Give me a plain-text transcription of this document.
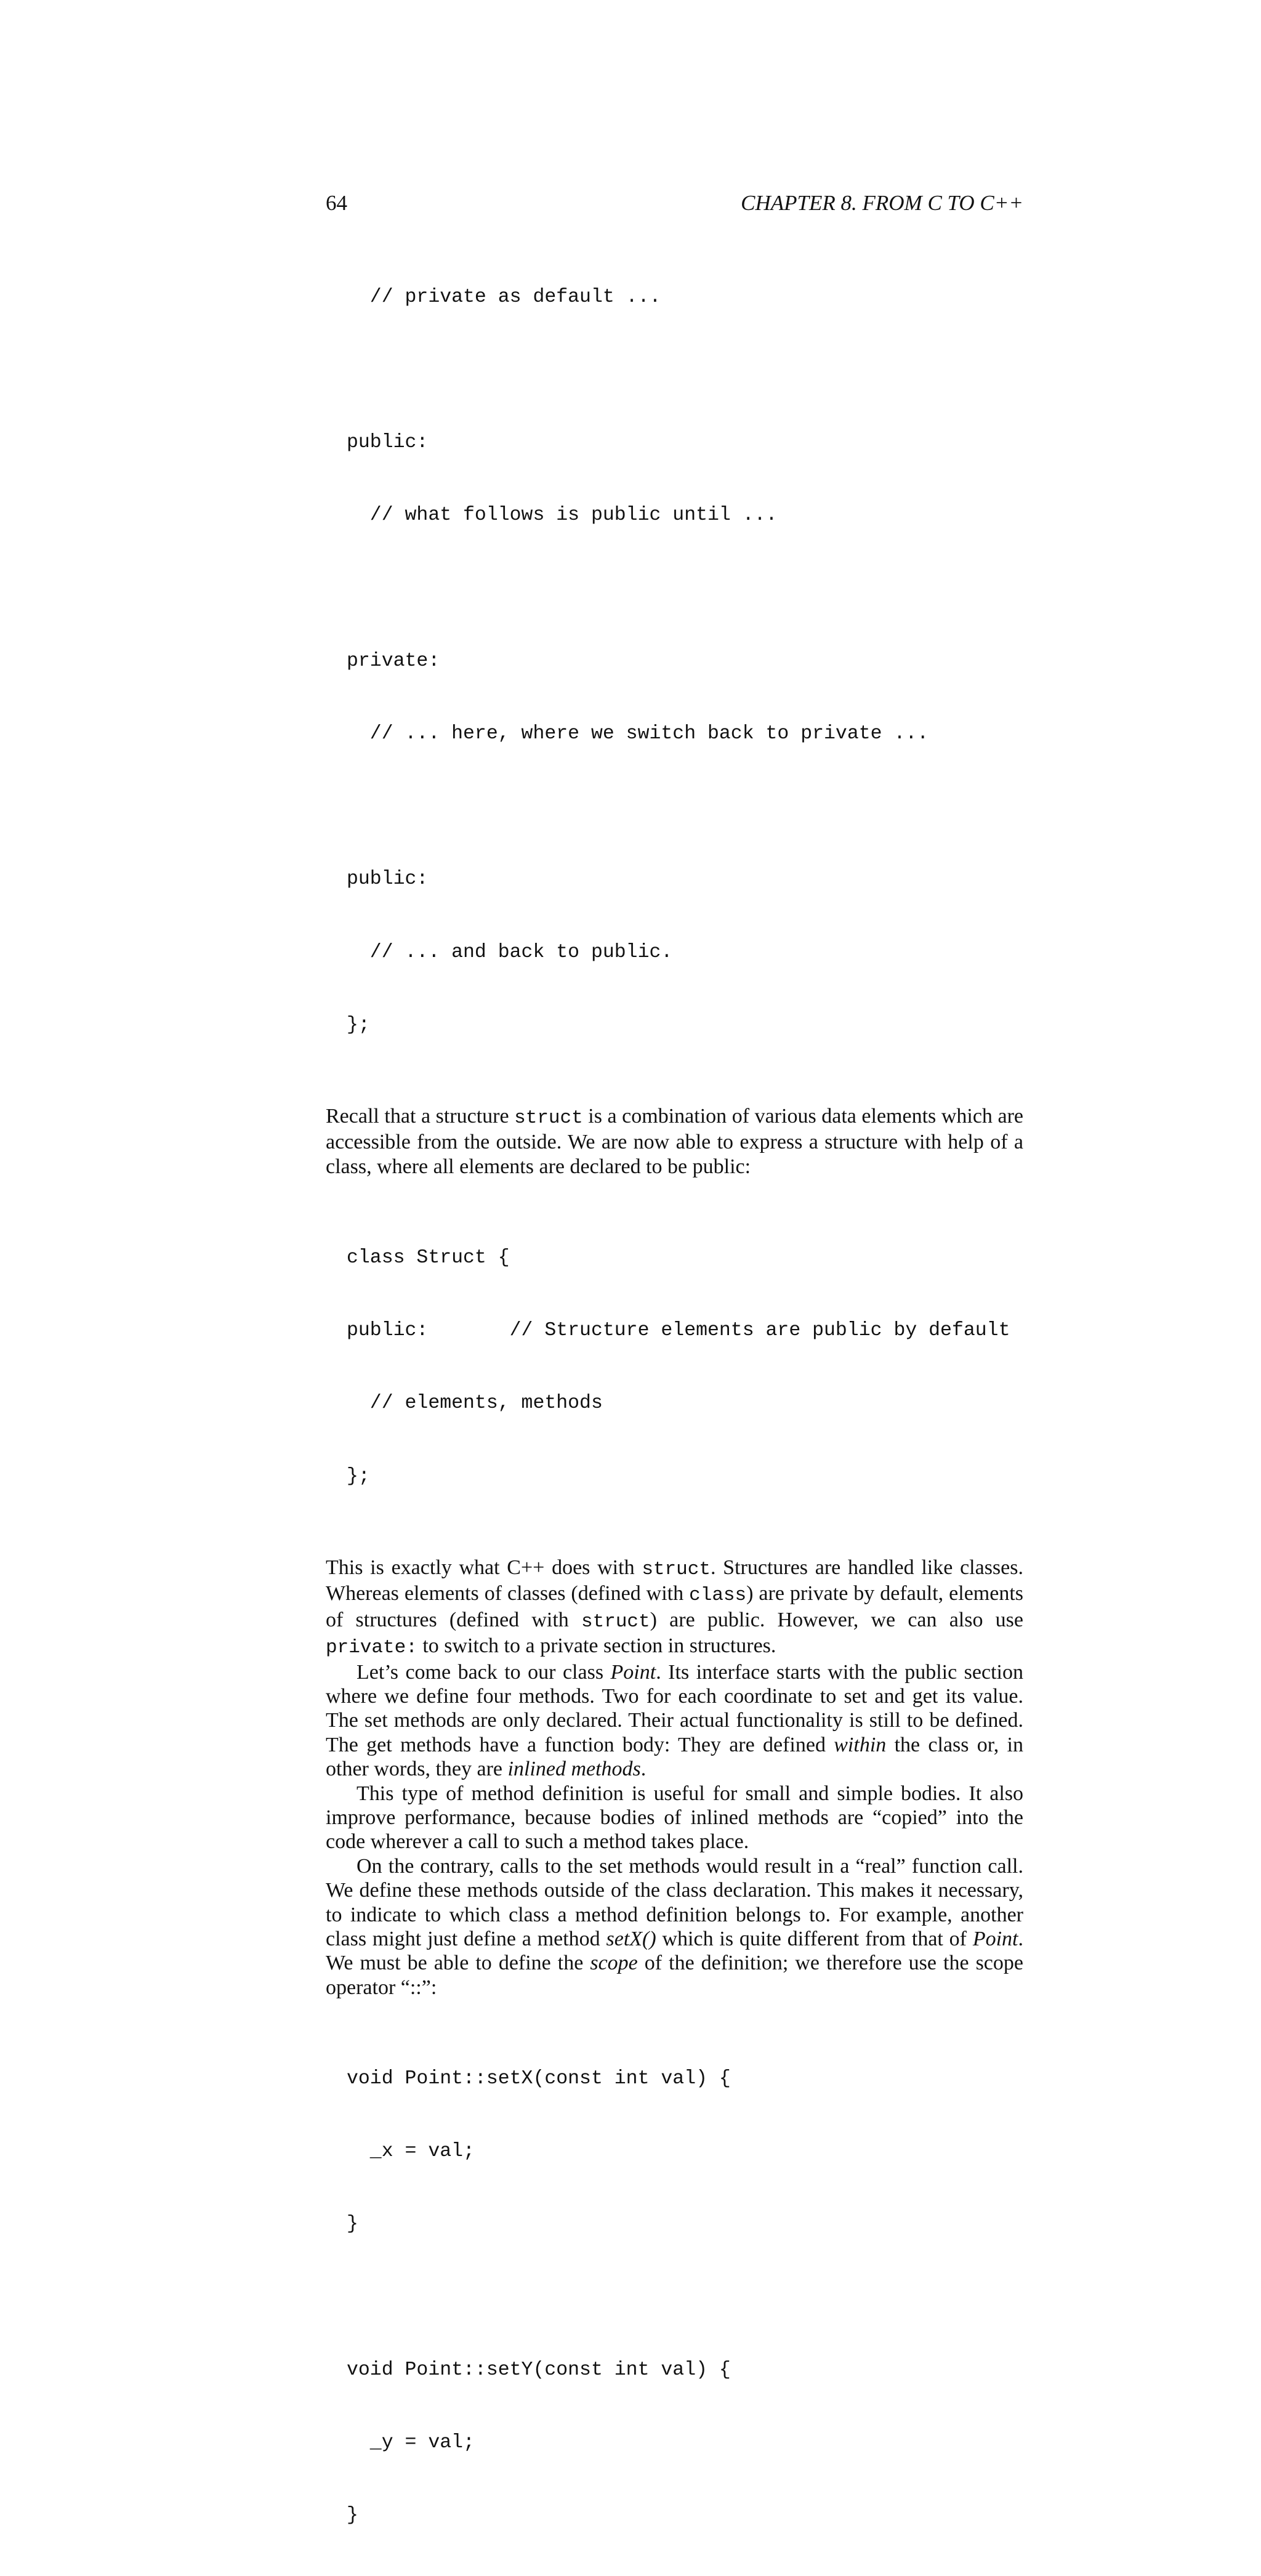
64	CHAPTER 8. FROM C TO C++

// private as default ...

public:

// what follows is public until ...

private:

// ... here, where we switch back to private ...

public:

// ... and back to public.

};

Recall that a structure struct is a combination of various data elements which are accessible from the outside. We are now able to express a structure with help of a class, where all elements are declared to be public:

class Struct {

public:       // Structure elements are public by default

// elements, methods

};

This is exactly what C++ does with struct. Structures are handled like classes. Whereas elements of classes (defined with class) are private by default, elements of structures (defined with struct) are public. However, we can also use private: to switch to a private section in structures.

Let’s come back to our class Point. Its interface starts with the public section where we define four methods. Two for each coordinate to set and get its value. The set methods are only declared. Their actual functionality is still to be defined. The get methods have a function body: They are defined within the class or, in other words, they are inlined methods.

This type of method definition is useful for small and simple bodies. It also improve performance, because bodies of inlined methods are “copied” into the code wherever a call to such a method takes place.

On the contrary, calls to the set methods would result in a “real” function call. We define these methods outside of the class declaration. This makes it necessary, to indicate to which class a method definition belongs to. For example, another class might just define a method setX() which is quite different from that of Point. We must be able to define the scope of the definition; we therefore use the scope operator “::”:

void Point::setX(const int val) {

_x = val;

}

void Point::setY(const int val) {

_y = val;

}
